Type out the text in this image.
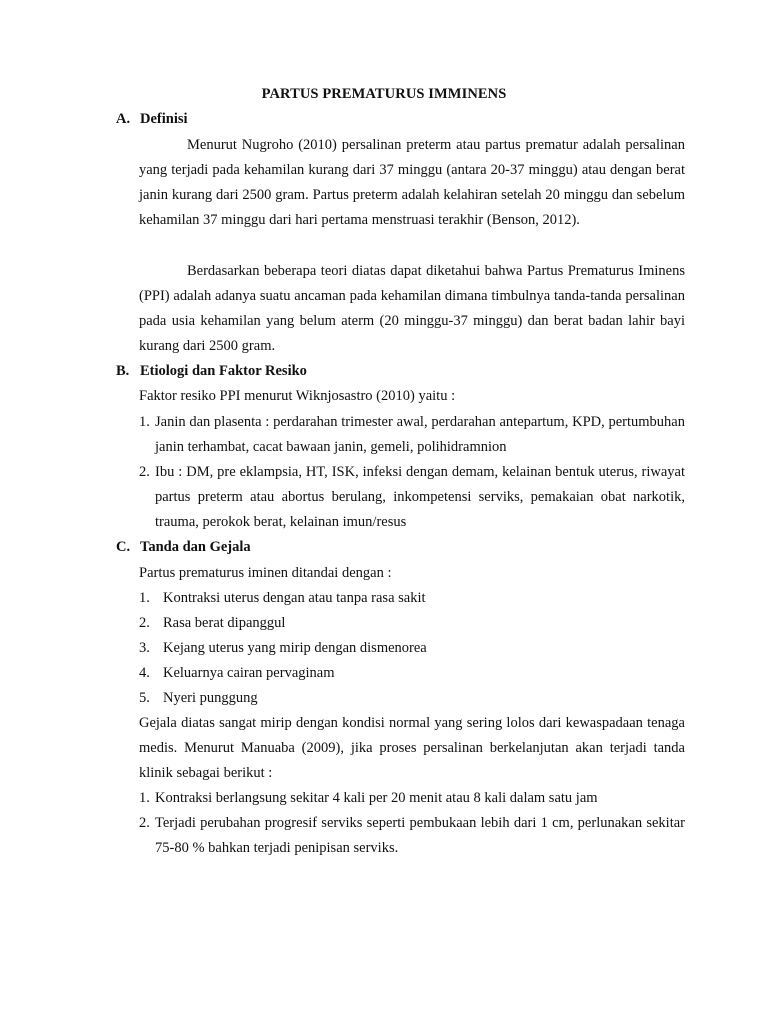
PARTUS PREMATURUS IMMINENS
A. Definisi
Menurut Nugroho (2010) persalinan preterm atau partus prematur adalah persalinan yang terjadi pada kehamilan kurang dari 37 minggu (antara 20-37 minggu) atau dengan berat janin kurang dari 2500 gram. Partus preterm adalah kelahiran setelah 20 minggu dan sebelum kehamilan 37 minggu dari hari pertama menstruasi terakhir (Benson, 2012).
Berdasarkan beberapa teori diatas dapat diketahui bahwa Partus Prematurus Iminens (PPI) adalah adanya suatu ancaman pada kehamilan dimana timbulnya tanda-tanda persalinan pada usia kehamilan yang belum aterm (20 minggu-37 minggu) dan berat badan lahir bayi kurang dari 2500 gram.
B. Etiologi dan Faktor Resiko
Faktor resiko PPI menurut Wiknjosastro (2010) yaitu :
1. Janin dan plasenta : perdarahan trimester awal, perdarahan antepartum, KPD, pertumbuhan janin terhambat, cacat bawaan janin, gemeli, polihidramnion
2. Ibu : DM, pre eklampsia, HT, ISK, infeksi dengan demam, kelainan bentuk uterus, riwayat partus preterm atau abortus berulang, inkompetensi serviks, pemakaian obat narkotik, trauma, perokok berat, kelainan imun/resus
C. Tanda dan Gejala
Partus prematurus iminen ditandai dengan :
1. Kontraksi uterus dengan atau tanpa rasa sakit
2. Rasa berat dipanggul
3. Kejang uterus yang mirip dengan dismenorea
4. Keluarnya cairan pervaginam
5. Nyeri punggung
Gejala diatas sangat mirip dengan kondisi normal yang sering lolos dari kewaspadaan tenaga medis. Menurut Manuaba (2009), jika proses persalinan berkelanjutan akan terjadi tanda klinik sebagai berikut :
1. Kontraksi berlangsung sekitar 4 kali per 20 menit atau 8 kali dalam satu jam
2. Terjadi perubahan progresif serviks seperti pembukaan lebih dari 1 cm, perlunakan sekitar 75-80 % bahkan terjadi penipisan serviks.
